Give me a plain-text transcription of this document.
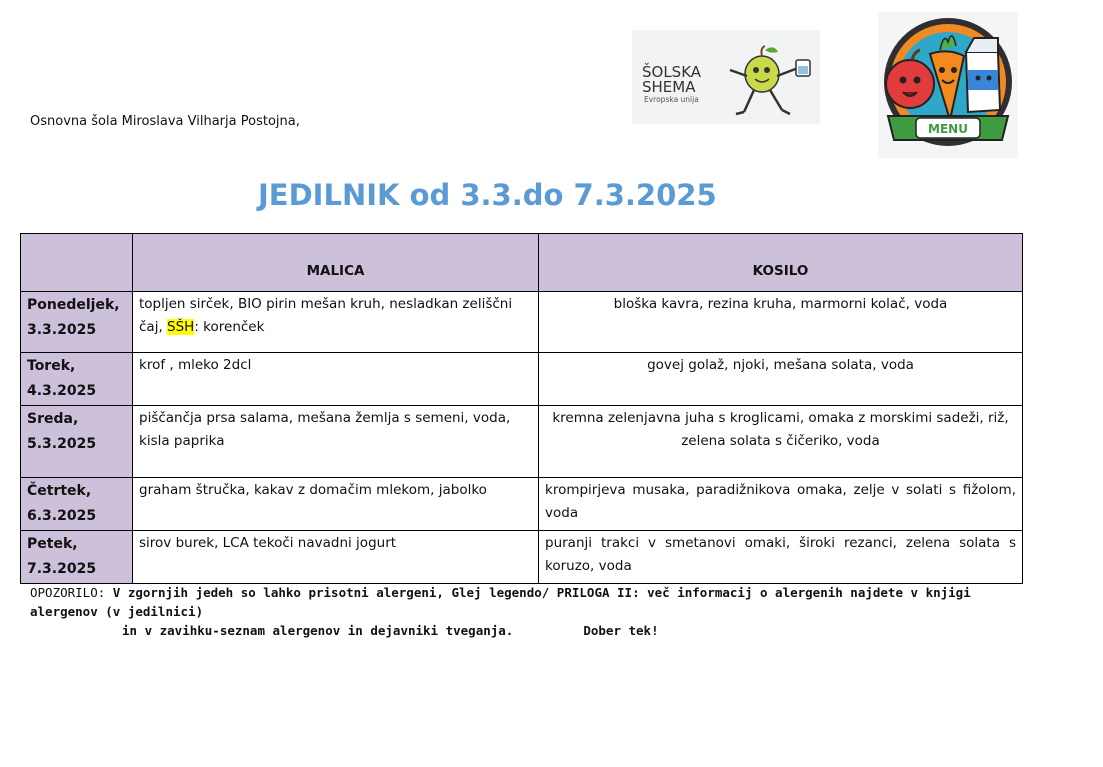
Osnovna šola Miroslava Vilharja Postojna,
ŠOLSKA
SHEMA
Evropska unija
MENU
JEDILNIK od 3.3.do 7.3.2025
	MALICA	KOSILO
Ponedeljek,
3.3.2025	topljen sirček, BIO pirin mešan kruh, nesladkan zeliščni čaj, SŠH: korenček	bloška kavra, rezina kruha, marmorni kolač, voda
Torek,
4.3.2025	krof , mleko 2dcl	govej golaž, njoki, mešana solata, voda
Sreda,
5.3.2025	piščančja prsa salama, mešana žemlja s semeni, voda, kisla paprika	kremna zelenjavna juha s kroglicami, omaka z morskimi sadeži, riž, zelena solata s čičeriko, voda
Četrtek,
6.3.2025	graham štručka, kakav z domačim mlekom, jabolko	krompirjeva musaka, paradižnikova omaka, zelje v solati s fižolom, voda
Petek,
7.3.2025	sirov burek, LCA tekoči navadni jogurt	puranji trakci v smetanovi omaki, široki rezanci, zelena solata s koruzo, voda
OPOZORILO: V zgornjih jedeh so lahko prisotni alergeni, Glej legendo/ PRILOGA II: več informacij o alergenih najdete v knjigi alergenov (v jedilnici)
in v zavihku-seznam alergenov in dejavniki tveganja.	Dober tek!
